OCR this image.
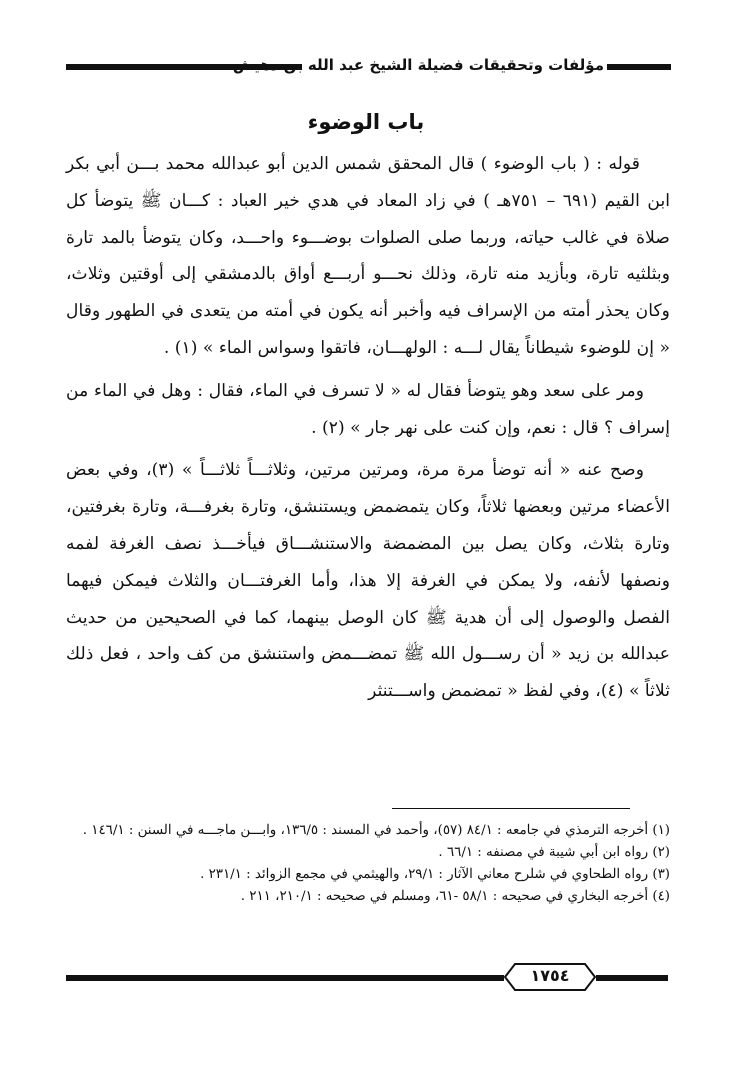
مؤلفات وتحقيقات فضيلة الشيخ عبد الله بن دهيش
باب الوضوء

قوله : ( باب الوضوء ) قال المحقق شمس الدين أبو عبدالله محمد بـــن أبي بكر ابن القيم (٦٩١ – ٧٥١هـ ) في زاد المعاد في هدي خير العباد : كـــان ﷺ يتوضأ كل صلاة في غالب حياته، وربما صلى الصلوات بوضـــوء واحـــد، وكان يتوضأ بالمد تارة وبثلثيه تارة، وبأزيد منه تارة، وذلك نحـــو أربـــع أواق بالدمشقي إلى أوقتين وثلاث، وكان يحذر أمته من الإسراف فيه وأخبر أنه يكون في أمته من يتعدى في الطهور وقال « إن للوضوء شيطاناً يقال لـــه : الولهـــان، فاتقوا وسواس الماء » (١) .

ومر على سعد وهو يتوضأ فقال له « لا تسرف في الماء، فقال : وهل في الماء من إسراف ؟ قال : نعم، وإن كنت على نهر جار » (٢) .

وصح عنه « أنه توضأ مرة مرة، ومرتين مرتين، وثلاثـــاً ثلاثـــاً » (٣)، وفي بعض الأعضاء مرتين وبعضها ثلاثاً، وكان يتمضمض ويستنشق، وتارة بغرفـــة، وتارة بغرفتين، وتارة بثلاث، وكان يصل بين المضمضة والاستنشـــاق فيأخـــذ نصف الغرفة لفمه ونصفها لأنفه، ولا يمكن في الغرفة إلا هذا، وأما الغرفتـــان والثلاث فيمكن فيهما الفصل والوصول إلى أن هدية ﷺ كان الوصل بينهما، كما في الصحيحين من حديث عبدالله بن زيد « أن رســـول الله ﷺ تمضـــمض واستنشق من كف واحد ، فعل ذلك ثلاثاً » (٤)، وفي لفظ « تمضمض واســـتنثر

(١) أخرجه الترمذي في جامعه : ٨٤/١ (٥٧)، وأحمد في المسند : ١٣٦/٥، وابـــن ماجـــه في السنن : ١٤٦/١ .

(٢) رواه ابن أبي شيبة في مصنفه : ٦٦/١ .

(٣) رواه الطحاوي في شلرح معاني الآثار : ٢٩/١، والهيثمي في مجمع الزوائد : ٢٣١/١ .

(٤) أخرجه البخاري في صحيحه : ٥٨/١ -٦١، ومسلم في صحيحه : ٢١٠/١، ٢١١ .

١٧٥٤
